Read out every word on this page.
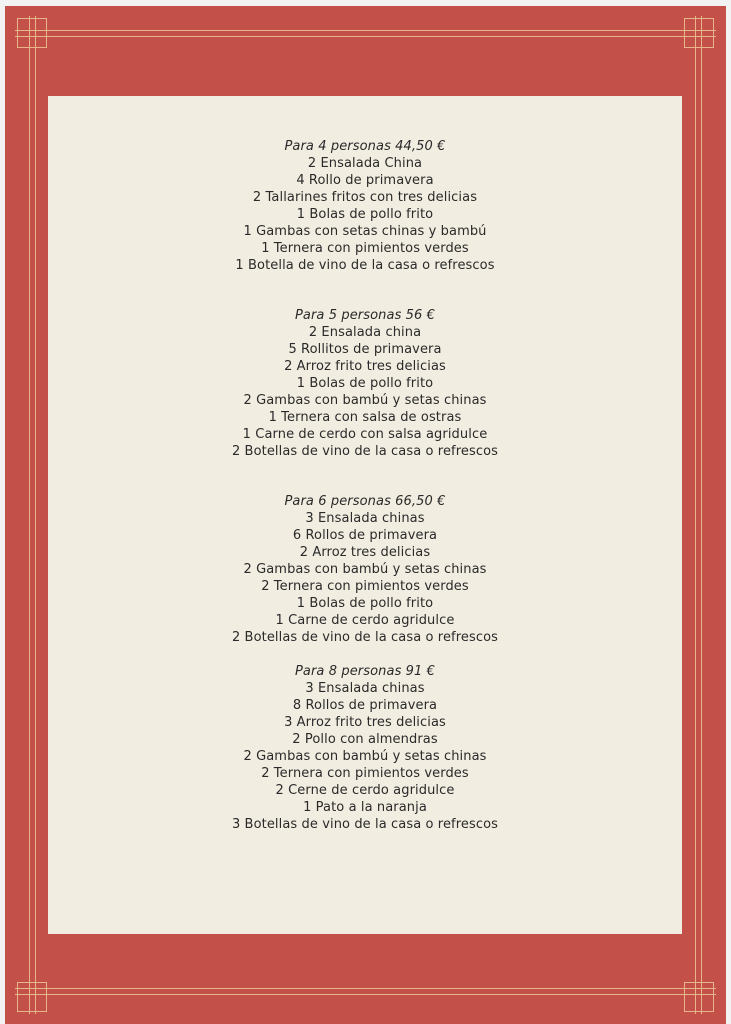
Para 4 personas 44,50 €
2 Ensalada China
4 Rollo de primavera
2 Tallarines fritos con tres delicias
1 Bolas de pollo frito
1 Gambas con setas chinas y bambú
1 Ternera con pimientos verdes
1 Botella de vino de la casa o refrescos
Para 5 personas 56 €
2 Ensalada china
5 Rollitos de primavera
2 Arroz frito tres delicias
1 Bolas de pollo frito
2 Gambas con bambú y setas chinas
1 Ternera con salsa de ostras
1 Carne de cerdo con salsa agridulce
2 Botellas de vino de la casa o refrescos
Para 6 personas 66,50 €
3 Ensalada chinas
6 Rollos de primavera
2 Arroz tres delicias
2 Gambas con bambú y setas chinas
2 Ternera con pimientos verdes
1 Bolas de pollo frito
1 Carne de cerdo agridulce
2 Botellas de vino de la casa o refrescos
Para 8 personas 91 €
3 Ensalada chinas
8 Rollos de primavera
3 Arroz frito tres delicias
2 Pollo con almendras
2 Gambas con bambú y setas chinas
2 Ternera con pimientos verdes
2 Cerne de cerdo agridulce
1 Pato a la naranja
3 Botellas de vino de la casa o refrescos
